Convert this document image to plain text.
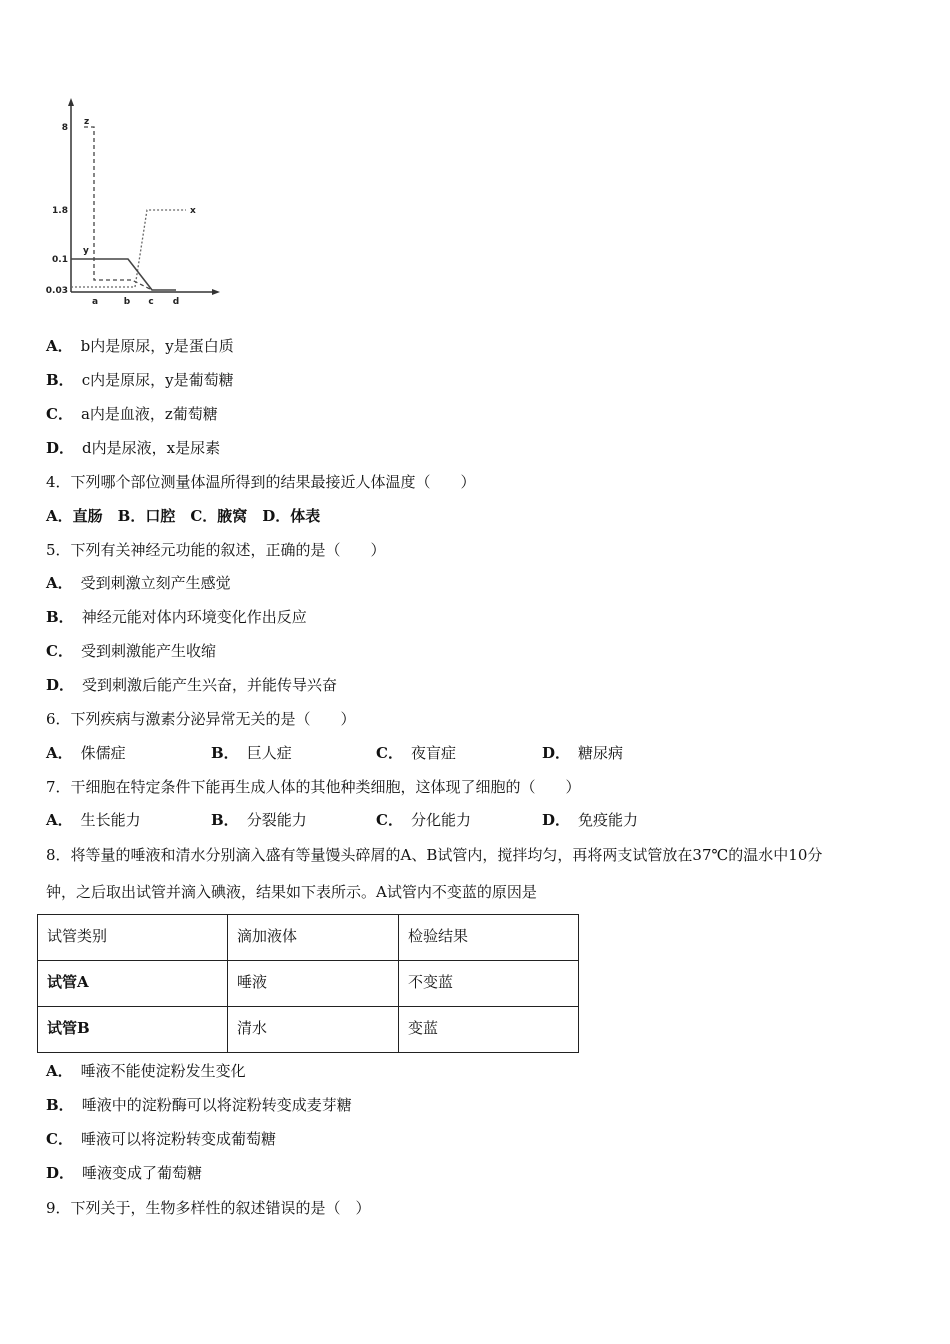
a	b c d
8
1.8
0.1
0.03
z
x
y
A． b内是原尿，y是蛋白质
B． c内是原尿，y是葡萄糖
C． a内是血液，z葡萄糖
D． d内是尿液，x是尿素
4．下列哪个部位测量体温所得到的结果最接近人体温度（　　）
A．直肠　B．口腔　C．腋窝　D．体表
5．下列有关神经元功能的叙述，正确的是（　　）
A． 受到刺激立刻产生感觉
B． 神经元能对体内环境变化作出反应
C． 受到刺激能产生收缩
D． 受到刺激后能产生兴奋，并能传导兴奋
6．下列疾病与激素分泌异常无关的是（　　）
A． 侏儒症	B． 巨人症	C． 夜盲症	D． 糖尿病
7．干细胞在特定条件下能再生成人体的其他种类细胞，这体现了细胞的（　　）
A． 生长能力	B． 分裂能力	C． 分化能力	D． 免疫能力
8．将等量的唾液和清水分别滴入盛有等量馒头碎屑的A、B试管内，搅拌均匀，再将两支试管放在37℃的温水中10分
钟，之后取出试管并滴入碘液，结果如下表所示。A试管内不变蓝的原因是
试管类别	滴加液体	检验结果
试管A	唾液	不变蓝
试管B	清水	变蓝
A． 唾液不能使淀粉发生变化
B． 唾液中的淀粉酶可以将淀粉转变成麦芽糖
C． 唾液可以将淀粉转变成葡萄糖
D． 唾液变成了葡萄糖
9．下列关于，生物多样性的叙述错误的是（　）
